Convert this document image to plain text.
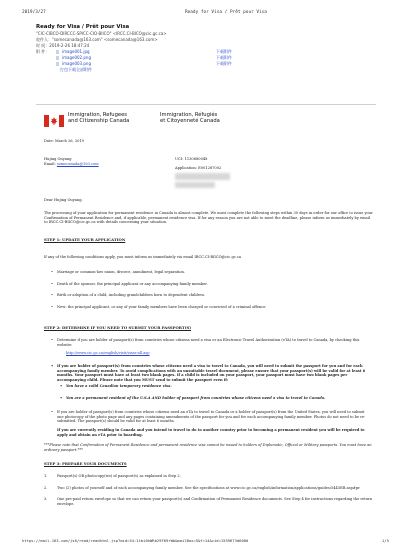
2019/3/27	Ready for Visa / Prêt pour Visa
Ready for Visa / Prêt pour Visa
"CIC-CIBCO-DIRCCC-SPICC-CIO-BIICO" <IRCC.CI-BICO@cic.gc.ca>
收件人："somecanada@163.com" <somecanada@163.com>
时 间：2019-2-26 18:47:24
附 件：	image001.jpg	下载附件
image002.png	下载附件
image003.png	下载附件
打包下载全部附件
Immigration, Refugees
and Citizenship Canada
Immigration, Réfugiés
et Citoyenneté Canada
Date: March 26, 2019
Hujing Ouyang
Email: somecanada@163.com
UCI: 1130680048
Application: E001287002
Dear Hujing Ouyang,
The processing of your application for permanent residence in Canada is almost complete. We must complete the following steps within 30 days in order for our office to issue your Confirmation of Permanent Residence and, if applicable, permanent residence visa. If for any reason you are not able to meet the deadline, please inform us immediately by email to IRCC.CI-BIICO@cic.gc.ca with details concerning your situation.
STEP 1: UPDATE YOUR APPLICATION
If any of the following conditions apply, you must inform us immediately via email IRCC.CI-BIICO@cic.gc.ca
• Marriage or common-law union, divorce, annulment, legal separation.
• Death of the sponsor, the principal applicant or any accompanying family member.
• Birth or adoption of a child, including grandchildren born to dependent children.
• New: the principal applicant, or any of your family members have been charged or convicted of a criminal offence.
STEP 2: DETERMINE IF YOU NEED TO SUBMIT YOUR PASSPORT(S)
• Determine if you are holder of passport(s) from countries whose citizens need a visa or an Electronic Travel Authorization (eTA) to travel to Canada, by checking this website:
http://www.cic.gc.ca/english/visit/visas-all.asp
• If you are holder of passport(s) from countries whose citizens need a visa to travel to Canada, you will need to submit the passport for you and for each accompanying family member. To avoid complications with an unsuitable travel document, please ensure that your passport(s) will be valid for at least 6 months. Your passport must have at least two blank pages. If a child is included on your passport, your passport must have two blank pages per accompanying child. Please note that you MUST send to submit the passport even if:
• You have a valid Canadian temporary residence visa.
• You are a permanent resident of the U.S.A AND holder of passport from countries whose citizens need a visa to travel to Canada.
• If you are holder of passport(s) from countries whose citizens need an eTA to travel to Canada or a holder of passport(s) from the United States, you will need to submit one photocopy of the photo page and any pages containing amendments of the passport for you and for each accompanying family member. Photos do not need to be re-submitted. The passport(s) should be valid for at least 6 months.
If you are currently residing in Canada and you intend to travel to do to another country prior to becoming a permanent resident you will be required to apply and obtain an eTA prior to boarding.
***Please note that Confirmation of Permanent Residence and permanent residence visa cannot be issued to holders of Diplomatic, Official or Military passports. You must have an ordinary passport.***
STEP 3: PREPARE YOUR DOCUMENTS
1.	Passport(s) OR photocopy(ies) of passport(s) as explained in Step 2.
2.	Two (2) photos of yourself and of each accompanying family member. See the specifications at www.cic.gc.ca/english/information/applications/guides/5445EB.asp#pr
3.	One pre-paid return envelope so that we can return your passport(s) and Confirmation of Permanent Residence documents. See Step 4 for instructions regarding the return envelope.
https://mail.163.com/js6/read/readhtml.jsp?mid=54:1tbi0hWRb29F69rWb&mailBox=5&f=14&cid=1559673d6000	1/5
